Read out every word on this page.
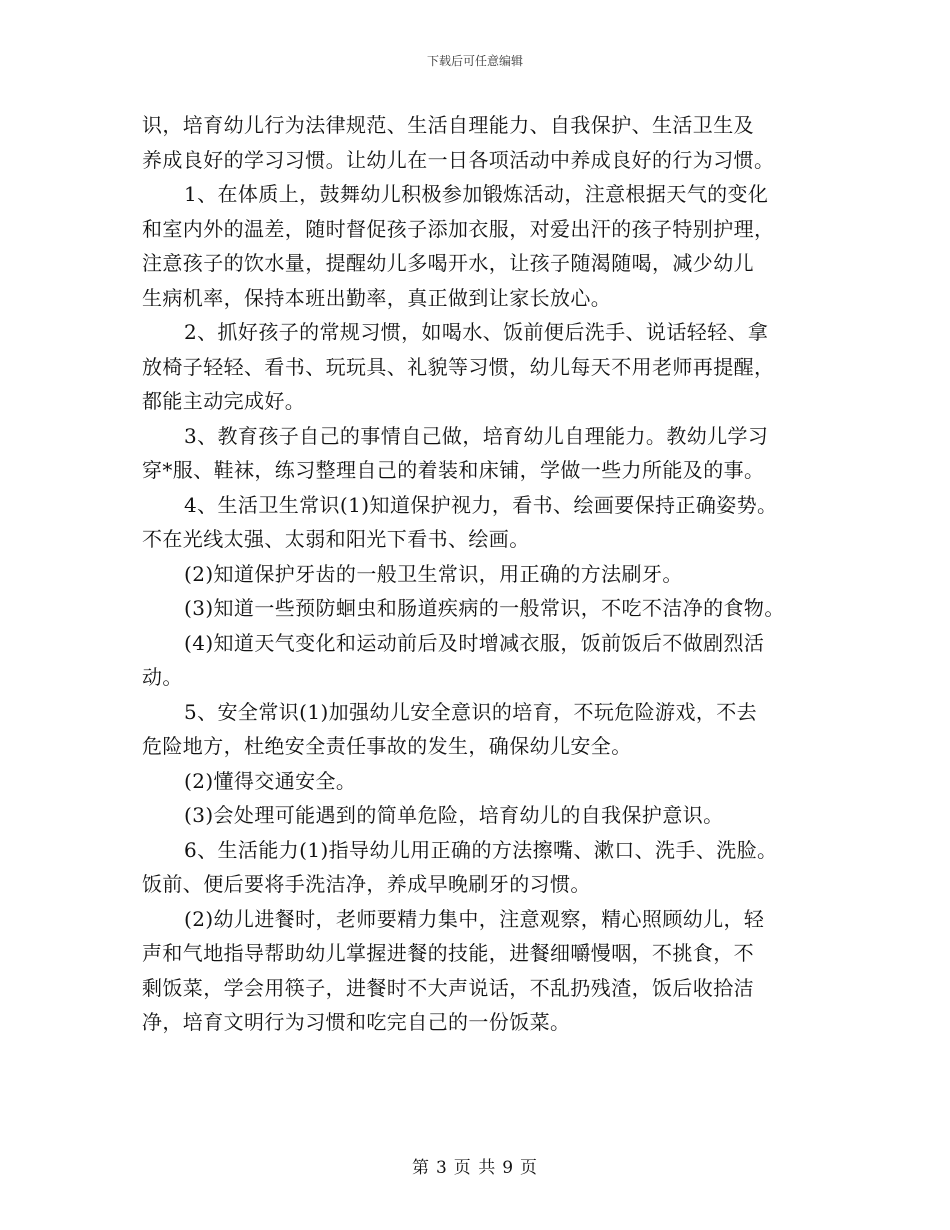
下载后可任意编辑
识，培育幼儿行为法律规范、生活自理能力、自我保护、生活卫生及
养成良好的学习习惯。让幼儿在一日各项活动中养成良好的行为习惯。
1、在体质上，鼓舞幼儿积极参加锻炼活动，注意根据天气的变化
和室内外的温差，随时督促孩子添加衣服，对爱出汗的孩子特别护理，
注意孩子的饮水量，提醒幼儿多喝开水，让孩子随渴随喝，减少幼儿
生病机率，保持本班出勤率，真正做到让家长放心。
2、抓好孩子的常规习惯，如喝水、饭前便后洗手、说话轻轻、拿
放椅子轻轻、看书、玩玩具、礼貌等习惯，幼儿每天不用老师再提醒，
都能主动完成好。
3、教育孩子自己的事情自己做，培育幼儿自理能力。教幼儿学习
穿*服、鞋袜，练习整理自己的着装和床铺，学做一些力所能及的事。
4、生活卫生常识(1)知道保护视力，看书、绘画要保持正确姿势。
不在光线太强、太弱和阳光下看书、绘画。
(2)知道保护牙齿的一般卫生常识，用正确的方法刷牙。
(3)知道一些预防蛔虫和肠道疾病的一般常识，不吃不洁净的食物。
(4)知道天气变化和运动前后及时增减衣服，饭前饭后不做剧烈活
动。
5、安全常识(1)加强幼儿安全意识的培育，不玩危险游戏，不去
危险地方，杜绝安全责任事故的发生，确保幼儿安全。
(2)懂得交通安全。
(3)会处理可能遇到的简单危险，培育幼儿的自我保护意识。
6、生活能力(1)指导幼儿用正确的方法擦嘴、漱口、洗手、洗脸。
饭前、便后要将手洗洁净，养成早晚刷牙的习惯。
(2)幼儿进餐时，老师要精力集中，注意观察，精心照顾幼儿，轻
声和气地指导帮助幼儿掌握进餐的技能，进餐细嚼慢咽，不挑食，不
剩饭菜，学会用筷子，进餐时不大声说话，不乱扔残渣，饭后收拾洁
净，培育文明行为习惯和吃完自己的一份饭菜。
第 3 页 共 9 页
